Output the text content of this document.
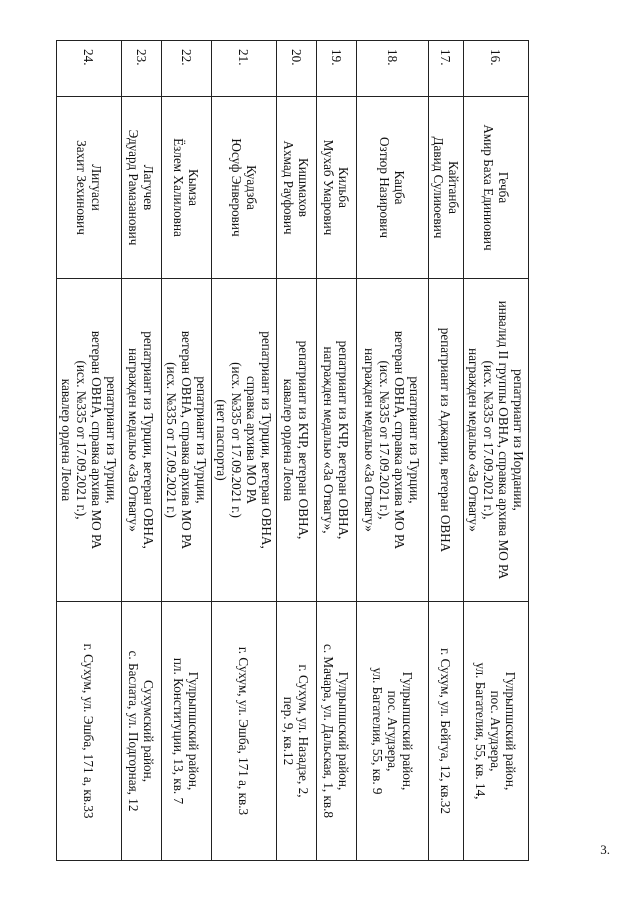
3.
16.	Гечба
Амир Баха Единиович	репатриант из Иордании,
инвалид II группы ОВНА, справка архива МО РА
(исх. №335 от 17.09.2021 г.),
награжден медалью «За Отвагу»	Гулрыпшский район,
пос. Агудзера,
ул. Багателия, 55, кв. 14,

17.	Кайтанба
Давид Сулиюевич	репатриант из Аджарии, ветеран ОВНА	г. Сухум, ул. Бейгуа, 12, кв.32

18.	Кацба
Озтюр Назирович	репатриант из Турции,
ветеран ОВНА, справка архива МО РА
(исх. №335 от 17.09.2021 г.),
награжден медалью «За Отвагу»	Гулрыпшский район,
пос. Агудзера,
ул. Багателия, 55, кв. 9

19.	Кильба
Мухаб Умарович	репатриант из КЧР, ветеран ОВНА,
награжден медалью «За Отвагу»,	Гулрыпшский район,
с. Мачара, ул. Дальская, 1, кв.8

20.	Кишмахов
Ахмад Рауфович	репатриант из КЧР, ветеран ОВНА,
кавалер ордена Леона	г. Сухум, ул. Назадзе, 2,
пер. 9, кв.12

21.	Куадзба
Юсуф Энверович	репатриант из Турции, ветеран ОВНА,
справка архива МО РА
(исх. №335 от 17.09.2021 г.)
(нет паспорта)	г. Сухум, ул. Эшба, 171 а, кв.3

22.	Кымза
Ёзлем Халиловна	репатриант из Турции,
ветеран ОВНА, справка архива МО РА
(исх. №335 от 17.09.2021 г.)	Гулрыпшский район,
пл. Конституции, 13, кв. 7

23.	Лагучев
Эдуард Рамазанович	репатриант из Турции, ветеран ОВНА,
награжден медалью «За Отвагу»	Сухумский район,
с. Баслата, ул. Подгорная, 12

24.	Лигуаси
Захит Зехинович	репатриант из Турции,
ветеран ОВНА, справка архива МО РА
(исх. №335 от 17.09.2021 г.),
кавалер ордена Леона	г. Сухум, ул. Эшба, 171 а, кв.33
